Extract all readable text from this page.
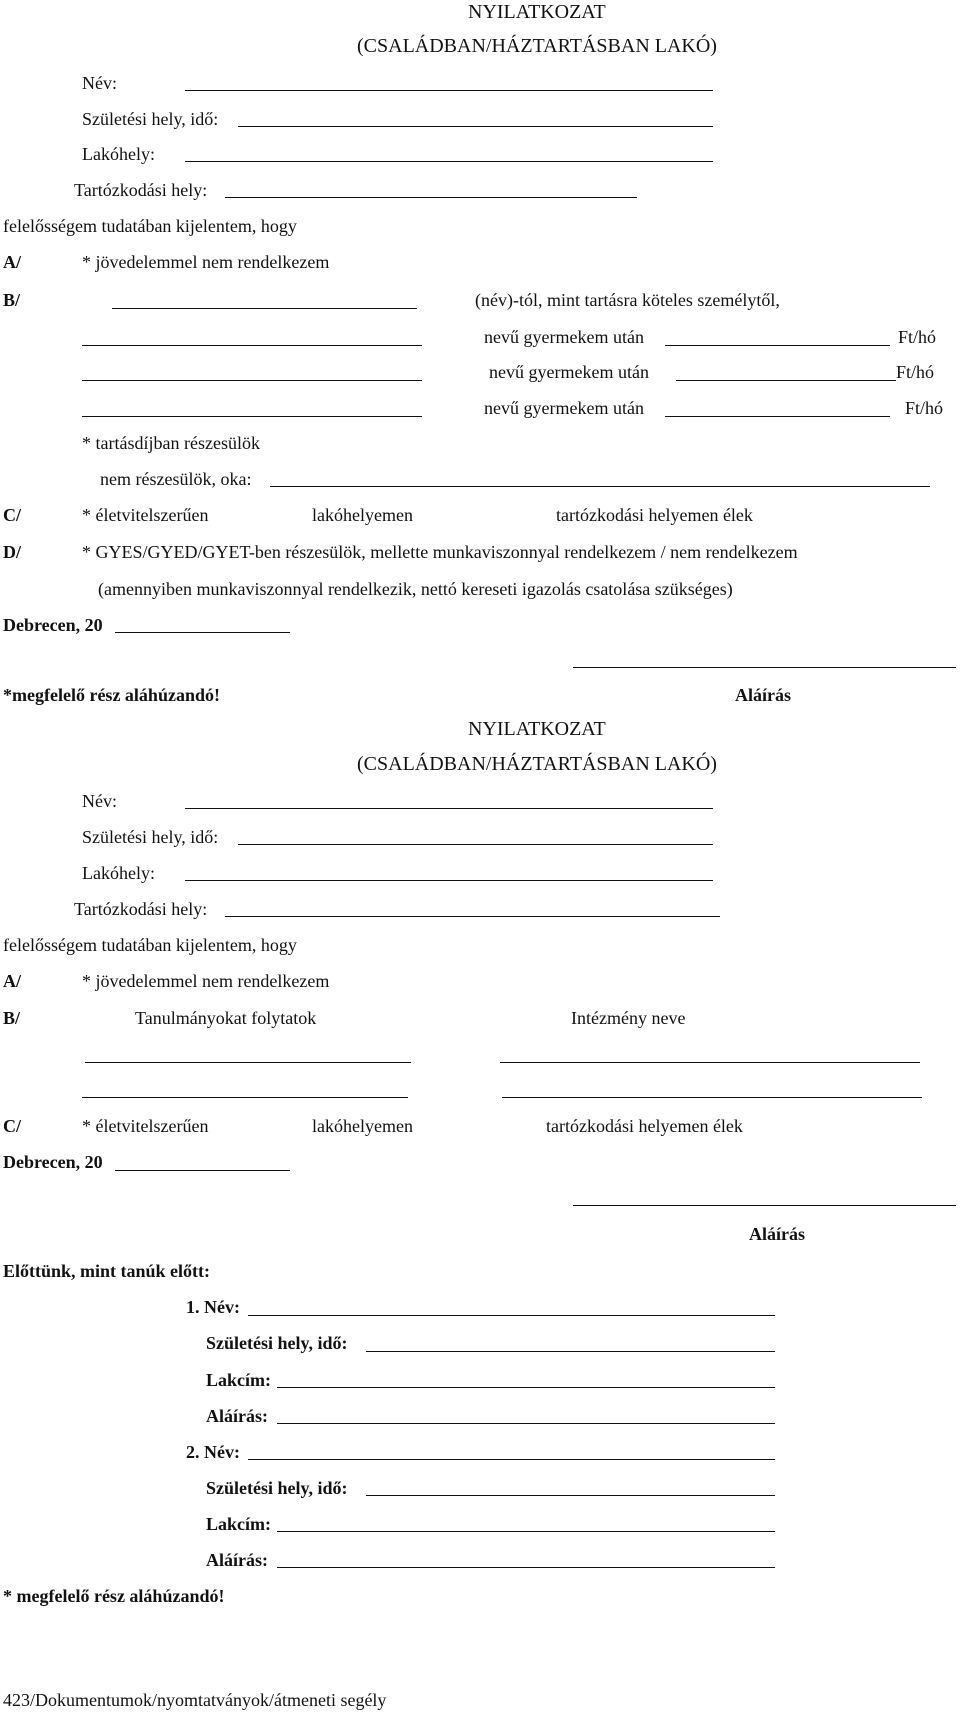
NYILATKOZAT
(CSALÁDBAN/HÁZTARTÁSBAN LAKÓ)
Név:
Születési hely, idő:
Lakóhely:
Tartózkodási hely:
felelősségem tudatában kijelentem, hogy
A/	* jövedelemmel nem rendelkezem
B/	(név)-tól, mint tartásra köteles személytől,
nevű gyermekem után	Ft/hó
nevű gyermekem után	Ft/hó
nevű gyermekem után	Ft/hó
* tartásdíjban részesülök
nem részesülök, oka:
C/	* életvitelszerűen	lakóhelyemen	tartózkodási helyemen élek
D/	* GYES/GYED/GYET-ben részesülök, mellette munkaviszonnyal rendelkezem / nem rendelkezem
(amennyiben munkaviszonnyal rendelkezik, nettó kereseti igazolás csatolása szükséges)
Debrecen, 20
*megfelelő rész aláhúzandó!	Aláírás
NYILATKOZAT
(CSALÁDBAN/HÁZTARTÁSBAN LAKÓ)
Név:
Születési hely, idő:
Lakóhely:
Tartózkodási hely:
felelősségem tudatában kijelentem, hogy
A/	* jövedelemmel nem rendelkezem
B/	Tanulmányokat folytatok	Intézmény neve
C/	* életvitelszerűen	lakóhelyemen	tartózkodási helyemen élek
Debrecen, 20
Aláírás
Előttünk, mint tanúk előtt:
1. Név:
Születési hely, idő:
Lakcím:
Aláírás:
2. Név:
Születési hely, idő:
Lakcím:
Aláírás:
* megfelelő rész aláhúzandó!
423/Dokumentumok/nyomtatványok/átmeneti segély
